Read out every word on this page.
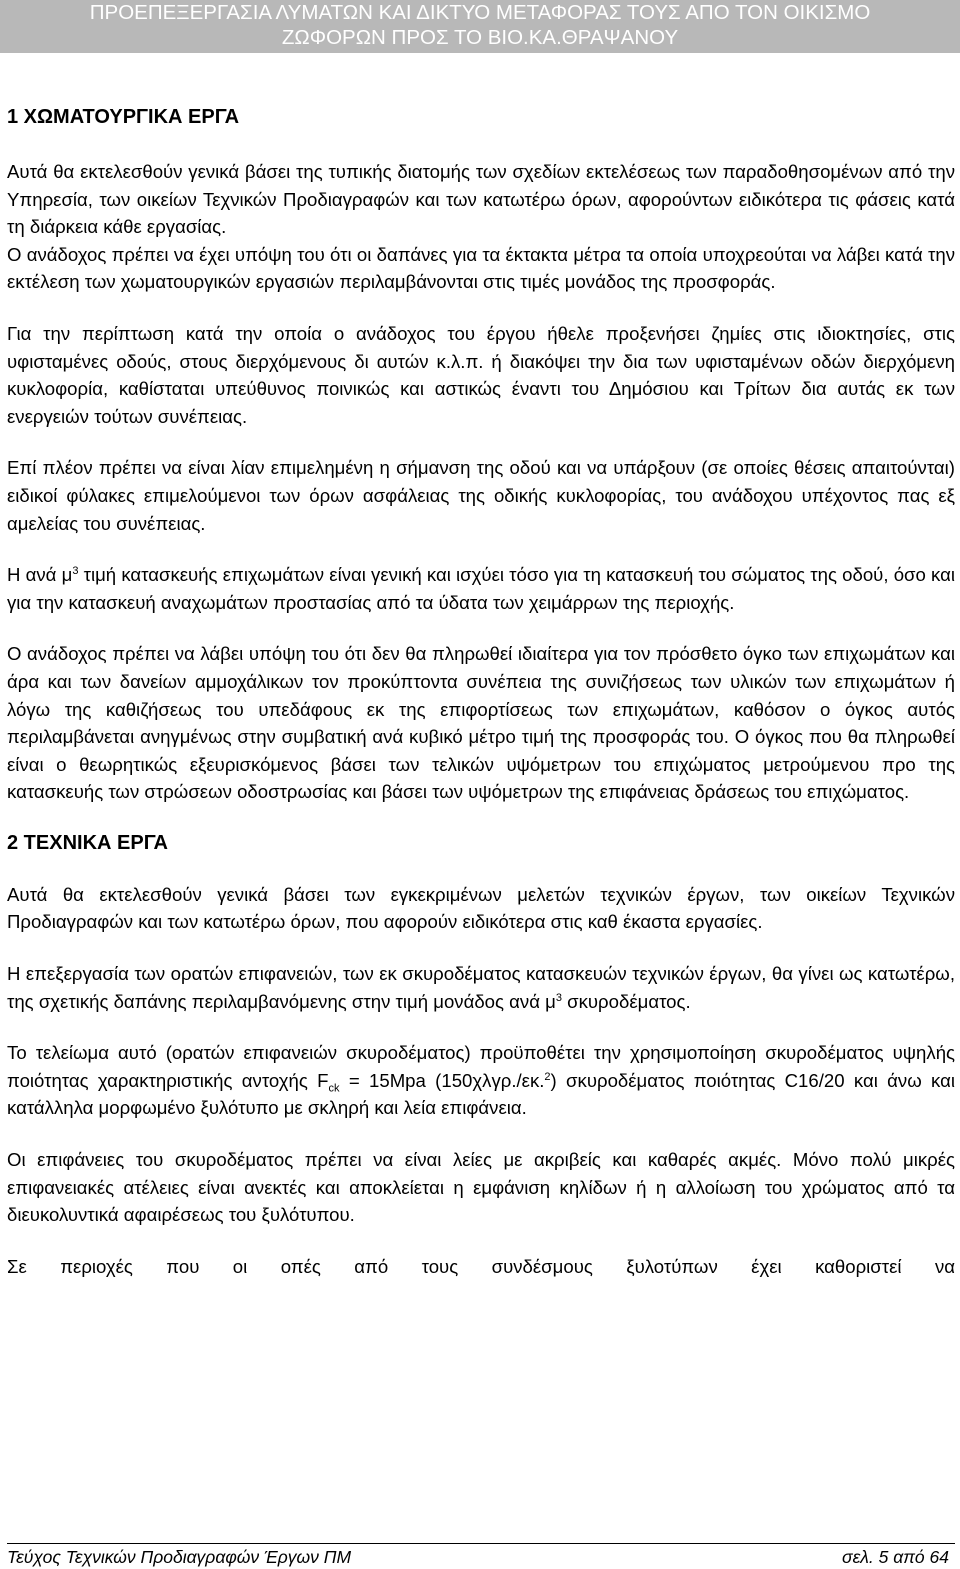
ΠΡΟΕΠΕΞΕΡΓΑΣΙΑ ΛΥΜΑΤΩΝ ΚΑΙ ΔΙΚΤΥΟ ΜΕΤΑΦΟΡΑΣ ΤΟΥΣ ΑΠΟ ΤΟΝ ΟΙΚΙΣΜΟ
ΖΩΦΟΡΩΝ ΠΡΟΣ ΤΟ ΒΙΟ.ΚΑ.ΘΡΑΨΑΝΟΥ
1 ΧΩΜΑΤΟΥΡΓΙΚΑ ΕΡΓΑ

Αυτά θα εκτελεσθούν γενικά βάσει της τυπικής διατομής των σχεδίων εκτελέσεως των παραδοθησομένων από την Υπηρεσία, των οικείων Τεχνικών Προδιαγραφών και των κατωτέρω όρων, αφορούντων ειδικότερα τις φάσεις κατά τη διάρκεια κάθε εργασίας.

Ο ανάδοχος πρέπει να έχει υπόψη του ότι οι δαπάνες για τα έκτακτα μέτρα τα οποία υποχρεούται να λάβει κατά την εκτέλεση των χωματουργικών εργασιών περιλαμβάνονται στις τιμές μονάδος της προσφοράς.

Για την περίπτωση κατά την οποία ο ανάδοχος του έργου ήθελε προξενήσει ζημίες στις ιδιοκτησίες, στις υφισταμένες οδούς, στους διερχόμενους δι αυτών κ.λ.π. ή διακόψει την δια των υφισταμένων οδών διερχόμενη κυκλοφορία, καθίσταται υπεύθυνος ποινικώς και αστικώς έναντι του Δημόσιου και Τρίτων δια αυτάς εκ των ενεργειών τούτων συνέπειας.

Επί πλέον πρέπει να είναι λίαν επιμελημένη η σήμανση της οδού και να υπάρξουν (σε οποίες θέσεις απαιτούνται) ειδικοί φύλακες επιμελούμενοι των όρων ασφάλειας της οδικής κυκλοφορίας, του ανάδοχου υπέχοντος πας εξ αμελείας του συνέπειας.

Η ανά $\mu^3$ τιμή κατασκευής επιχωμάτων είναι γενική και ισχύει τόσο για τη κατασκευή του σώματος της οδού, όσο και για την κατασκευή αναχωμάτων προστασίας από τα ύδατα των χειμάρρων της περιοχής.

Ο ανάδοχος πρέπει να λάβει υπόψη του ότι δεν θα πληρωθεί ιδιαίτερα για τον πρόσθετο όγκο των επιχωμάτων και άρα και των δανείων αμμοχάλικων τον προκύπτοντα συνέπεια της συνιζήσεως των υλικών των επιχωμάτων ή λόγω της καθιζήσεως του υπεδάφους εκ της επιφορτίσεως των επιχωμάτων, καθόσον ο όγκος αυτός περιλαμβάνεται ανηγμένως στην συμβατική ανά κυβικό μέτρο τιμή της προσφοράς του. Ο όγκος που θα πληρωθεί είναι ο θεωρητικώς εξευρισκόμενος βάσει των τελικών υψόμετρων του επιχώματος μετρούμενου προ της κατασκευής των στρώσεων οδοστρωσίας και βάσει των υψόμετρων της επιφάνειας δράσεως του επιχώματος.

2 ΤΕΧΝΙΚΑ ΕΡΓΑ

Αυτά θα εκτελεσθούν γενικά βάσει των εγκεκριμένων μελετών τεχνικών έργων, των οικείων Τεχνικών Προδιαγραφών και των κατωτέρω όρων, που αφορούν ειδικότερα στις καθ έκαστα εργασίες.

Η επεξεργασία των ορατών επιφανειών, των εκ σκυροδέματος κατασκευών τεχνικών έργων, θα γίνει ως κατωτέρω, της σχετικής δαπάνης περιλαμβανόμενης στην τιμή μονάδος ανά $\mu^3$ σκυροδέματος.

Το τελείωμα αυτό (ορατών επιφανειών σκυροδέματος) προϋποθέτει την χρησιμοποίηση σκυροδέματος υψηλής ποιότητας χαρακτηριστικής αντοχής $F_{ck} = 15Mpa$ (150χλγρ./εκ.$^2$) σκυροδέματος ποιότητας C16/20 και άνω και κατάλληλα μορφωμένο ξυλότυπο με σκληρή και λεία επιφάνεια.

Οι επιφάνειες του σκυροδέματος πρέπει να είναι λείες με ακριβείς και καθαρές ακμές. Μόνο πολύ μικρές επιφανειακές ατέλειες είναι ανεκτές και αποκλείεται η εμφάνιση κηλίδων ή η αλλοίωση του χρώματος από τα διευκολυντικά αφαιρέσεως του ξυλότυπου.

Σε περιοχές που οι οπές από τους συνδέσμους ξυλοτύπων έχει καθοριστεί να

Τεύχος Τεχνικών Προδιαγραφών Έργων ΠΜ	σελ. 5 από 64
